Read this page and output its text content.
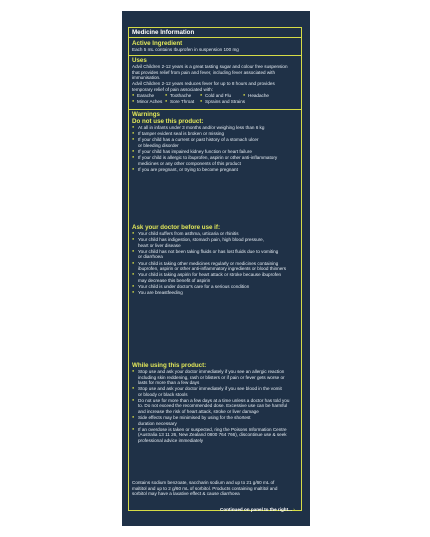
Medicine Information
Active Ingredient
Each 5 mL contains Ibuprofen in suspension 100 mg
Uses
Advil Children 2-12 years is a great tasting sugar and colour free suspension
that provides relief from pain and fever, including fever associated with
immunisation.
Advil Children 2-12 years reduces fever for up to 8 hours and provides
temporary relief of pain associated with:
● Earache	● Toothache	● Cold and Flu	● Headache
● Minor Aches	● Sore Throat	● Sprains and Strains
Warnings
Do not use this product:
● At all in infants under 3 months and/or weighing less than 6 kg
● If tamper evident seal is broken or missing
● If your child has a current or past history of a stomach ulcer
or bleeding disorder
● If your child has impaired kidney function or heart failure
● If your child is allergic to ibuprofen, aspirin or other anti-inflammatory
medicines or any other components of this product
● If you are pregnant, or trying to become pregnant
Ask your doctor before use if:
● Your child suffers from asthma, urticaria or rhinitis
● Your child has indigestion, stomach pain, high blood pressure,
heart or liver disease
● Your child has not been taking fluids or has lost fluids due to vomiting
or diarrhoea
● Your child is taking other medicines regularly or medicines containing
ibuprofen, aspirin or other anti-inflammatory ingredients or blood thinners
● Your child is taking aspirin for heart attack or stroke because ibuprofen
may decrease this benefit of aspirin
● Your child is under doctor's care for a serious condition
● You are breastfeeding
While using this product:
● Stop use and ask your doctor immediately if you see an allergic reaction
including skin reddening, rash or blisters or if pain or fever gets worse or
lasts for more than a few days
● Stop use and ask your doctor immediately if you see blood in the vomit
or bloody or black stools
● Do not use for more than a few days at a time unless a doctor has told you
to. Do not exceed the recommended dose. Excessive use can be harmful
and increase the risk of heart attack, stroke or liver damage
● Side effects may be minimised by using for the shortest
duration necessary
● If an overdose is taken or suspected, ring the Poisons Information Centre
(Australia 13 11 26, New Zealand 0800 764 766), discontinue use & seek
professional advice immediately
Contains sodium benzoate, saccharin sodium and up to 21 g/60 mL of
maltitol and up to 2 g/60 mL of sorbitol. Products containing maltitol and
sorbitol may have a laxative effect & cause diarrhoea
Continued on panel to the right... ›
